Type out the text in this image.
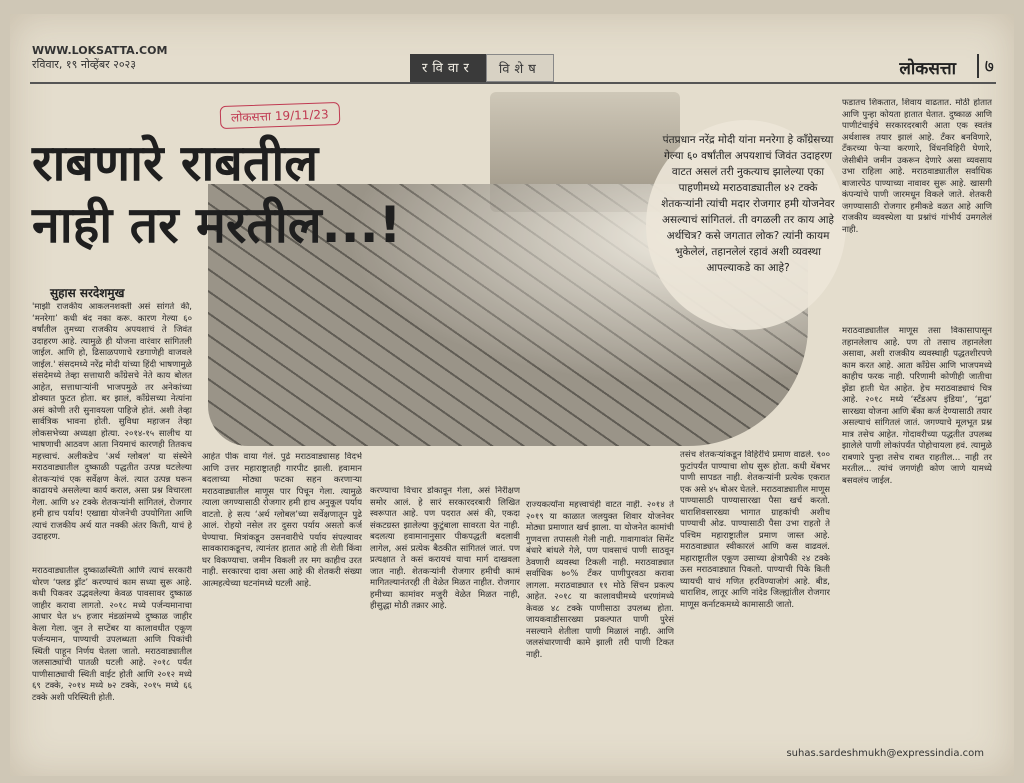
WWW.LOKSATTA.COM
रविवार, १९ नोव्हेंबर २०२३	रविवार	विशेष	लोकसत्ता	७
लोकसत्ता 19/11/23
राबणारे राबतील
नाही तर मरतील...!
सुहास सरदेशमुख
पंतप्रधान नरेंद्र मोदी यांना मनरेगा हे काँग्रेसच्या गेल्या ६० वर्षांतील अपयशाचं जिवंत उदाहरण वाटत असलं तरी नुकत्याच झालेल्या एका पाहणीमध्ये मराठवाड्यातील ४२ टक्के शेतकऱ्यांनी त्यांची मदार रोजगार हमी योजनेवर असल्याचं सांगितलं. ती वगळली तर काय आहे अर्थचित्र? कसे जगतात लोक? त्यांनी कायम भुकेलेलं, तहानलेलं रहावं अशी व्यवस्था आपल्याकडे का आहे?
'माझी राजकीय आकलनशक्ती असं सांगते की, ‘मनरेगा’ कधी बंद नका करू. कारण गेल्या ६० वर्षांतील तुमच्या राजकीय अपयशाचं ते जिवंत उदाहरण आहे. त्यामुळे ही योजना वारंवार सांगितली जाईल. आणि हो, ढिसाळपणाचे रडगाणेही वाजवले जाईल.' संसदमध्ये नरेंद्र मोदी यांच्या हिंदी भाषणामुळे संसदेमध्ये तेव्हा सत्ताधारी काँग्रेसचे नेते काय बोलत आहेत, सत्ताधाऱ्यांनी भाजपमुळे तर अनेकांच्या डोक्यात फुटत होता. बर झालं, काँग्रेसच्या नेत्यांना असं कोणी तरी सुनावयला पाहिजे होतं. अशी तेव्हा सार्वत्रिक भावना होती. सुविधा महाजन तेव्हा लोकसभेच्या अध्यक्षा होत्या. २०१४-१५ सालीच या भाषणाची आठवण आता नियमाचं कारणही तितकच महत्त्वाचं. अलीकडेच 'अर्थ ग्लोबल' या संस्थेने मराठवाड्यातील दुष्काळी पद्धतीत उत्पन्न घटलेल्या शेतकऱ्यांचं एक सर्वेक्षण केलं. त्यात उत्पन्न घरून काढायचे असलेल्या कार्य कराल, असा प्रश्न विचारला गेला. आणि ४२ टक्के शेतकऱ्यांनी सांगितलं, रोजगार हमी हाच पर्याय! एखाद्या योजनेची उपयोगिता आणि त्याचं राजकीय अर्थ यात नक्की अंतर किती, याचं हे उदाहरण.
मराठवाड्यातील दुष्काळस्थिती आणि त्याचं सरकारी धोरण ‘फ्लड ड्रॉट’ करण्याचं काम सध्या सुरू आहे. कधी पिकवर उद्भवलेल्या केवळ पावसावर दुष्काळ जाहीर करावा लागतो. २०१८ मध्ये पर्जन्यमानाचा आधार घेत ४५ हजार मंडळांमध्ये दुष्काळ जाहीर केला गेला. जून ते सप्टेंबर या कालावधीत एकूण पर्जन्यमान, पाण्याची उपलब्धता आणि पिकांची स्थिती पाहून निर्णय घेतला जातो. मराठवाड्यातील जलसाठ्यांची पातळी घटली आहे. २०१८ पर्यंत पाणीसाठ्याची स्थिती वाईट होती आणि २०१२ मध्ये ६९ टक्के, २०१४ मध्ये ७२ टक्के, २०१५ मध्ये ६६ टक्के अशी परिस्थिती होती.
आहेत पीक वाया गेलं. पुढे मराठवाड्यासह विदर्भ आणि उत्तर महाराष्ट्रातही गारपीट झाली. हवामान बदलाच्या मोठ्या फटका सहन करणाऱ्या मराठवाड्यातील माणूस पार पिचून गेला. त्यामुळे त्याला जगण्यासाठी रोजगार हमी हाच अनुकूल पर्याय वाटतो. हे सत्य ‘अर्थ ग्लोबल’च्या सर्वेक्षणातून पुढे आलं. रोहयो नसेल तर दुसरा पर्याय असतो कर्ज घेण्याचा. मित्रांकडून उसनवारीचे पर्याय संपल्यावर सावकाराकडूनच, त्यानंतर हातात आहे ती शेती किंवा घर विकण्याचा. जमीन विकली तर मग काहीच उरत नाही. सरकारचा दावा असा आहे की शेतकरी संख्या आत्महत्येच्या घटनांमध्ये घटली आहे.
करण्याचा विचार डोकावून गेला, असं निरीक्षण समोर आलं. हे सारं सरकारदरबारी लिखित स्वरूपात आहे. पण पदरात असं की, एकदा संकटग्रस्त झालेल्या कुटुंबाला सावरता येत नाही. बदलत्या हवामानानुसार पीकपद्धती बदलावी लागेल, असं प्रत्येक बैठकीत सांगितलं जातं. पण प्रत्यक्षात ते कसं करायचं याचा मार्ग दाखवला जात नाही. शेतकऱ्यांनी रोजगार हमीची कामं मागितल्यानंतरही ती वेळेत मिळत नाहीत. रोजगार हमीच्या कामांवर मजुरी वेळेत मिळत नाही, हीसुद्धा मोठी तक्रार आहे.
राज्यकर्त्यांना महत्त्वाचंही वाटत नाही. २०१४ ते २०१९ या काळात जलयुक्त शिवार योजनेवर मोठ्या प्रमाणात खर्च झाला. या योजनेत कामांची गुणवत्ता तपासली गेली नाही. गावागावांत सिमेंट बंधारे बांधले गेले, पण पावसाचं पाणी साठवून ठेवणारी व्यवस्था टिकली नाही. मराठवाड्यात सर्वाधिक ७०% टँकर पाणीपुरवठा करावा लागला. मराठवाड्यात ११ मोठे सिंचन प्रकल्प आहेत. २०१८ या कालावधीमध्ये धरणांमध्ये केवळ ४८ टक्के पाणीसाठा उपलब्ध होता. जायकवाडीसारख्या प्रकल्पात पाणी पुरेसं नसल्याने शेतीला पाणी मिळालं नाही. आणि जलसंधारणाची कामे झाली तरी पाणी टिकत नाही.
तसंच शेतकऱ्यांकडून विहिरींचे प्रमाण वाढले. ९०० फुटांपर्यंत पाण्याचा शोध सुरू होता. कधी थेंबभर पाणी सापडत नाही. शेतकऱ्यांनी प्रत्येक एकरात एक असे ४५ बोअर घेतले. मराठवाड्यातील माणूस पाण्यासाठी पाण्यासारखा पैसा खर्च करतो. धाराशिवसारख्या भागात ग्राहकांची अशीच पाण्याची ओढ. पाण्यासाठी पैसा उभा राहतो ते पश्चिम महाराष्ट्रातील प्रमाण जास्त आहे. मराठवाड्यात स्वीकारलं आणि कस वाढवलं. महाराष्ट्रातील एकूण उसाच्या क्षेत्रापैकी २४ टक्के ऊस मराठवाड्यात पिकतो. पाण्याची पिके किती घ्यायची याचं गणित हरविण्याजोगं आहे. बीड, धाराशिव, लातूर आणि नांदेड जिल्ह्यांतील रोजगार माणूस कर्नाटकमध्ये कामासाठी जातो.
फडातच शिकतात, शिवाय वाढतात. मोठी होतात आणि पुन्हा कोयता हातात घेतात. दुष्काळ आणि पाणीटंचाईचे सरकारदरबारी आता एक स्वतंत्र अर्थशास्त्र तयार झालं आहे. टँकर बनविणारे, टँकरच्या फेऱ्या करणारे, विंधनविहिरी घेणारे, जेसीबीने जमीन उकरून देणारे असा व्यवसाय उभा राहिला आहे. मराठवाड्यातील सर्वाधिक बाजारपेठ पाण्याच्या नावावर सुरू आहे. खासगी कंपन्यांचे पाणी जारमधून विकले जाते. शेतकरी जगण्यासाठी रोजगार हमीकडे वळत आहे आणि राजकीय व्यवस्थेला या प्रश्नांचं गांभीर्य उमगलेलं नाही.
मराठवाड्यातील माणूस तसा विकासापासून तहानलेलाच आहे. पण तो तसाच तहानलेला असावा, अशी राजकीय व्यवस्थाही पद्धतशीरपणे काम करत आहे. आता काँग्रेस आणि भाजपमध्ये काहीच फरक नाही. परिणामी कोणीही जातीचा झेंडा हाती घेत आहेत. हेच मराठवाड्याचं चित्र आहे. २०१८ मध्ये ‘स्टॅंडअप इंडिया’, ‘मुद्रा’ सारख्या योजना आणि बँका कर्ज देण्यासाठी तयार असल्याचं सांगितलं जातं. जगण्याचे मूलभूत प्रश्न मात्र तसेच आहेत. गोदावरीच्या पद्धतीत उपलब्ध झालेले पाणी लोकांपर्यंत पोहोचायला हवं. त्यामुळे राबणारे पुन्हा तसेच राबत राहतील... नाही तर मरतील... त्यांचं जगणंही कोण जाणे यामध्ये बसवलंच जाईल.
suhas.sardeshmukh@expressindia.com
